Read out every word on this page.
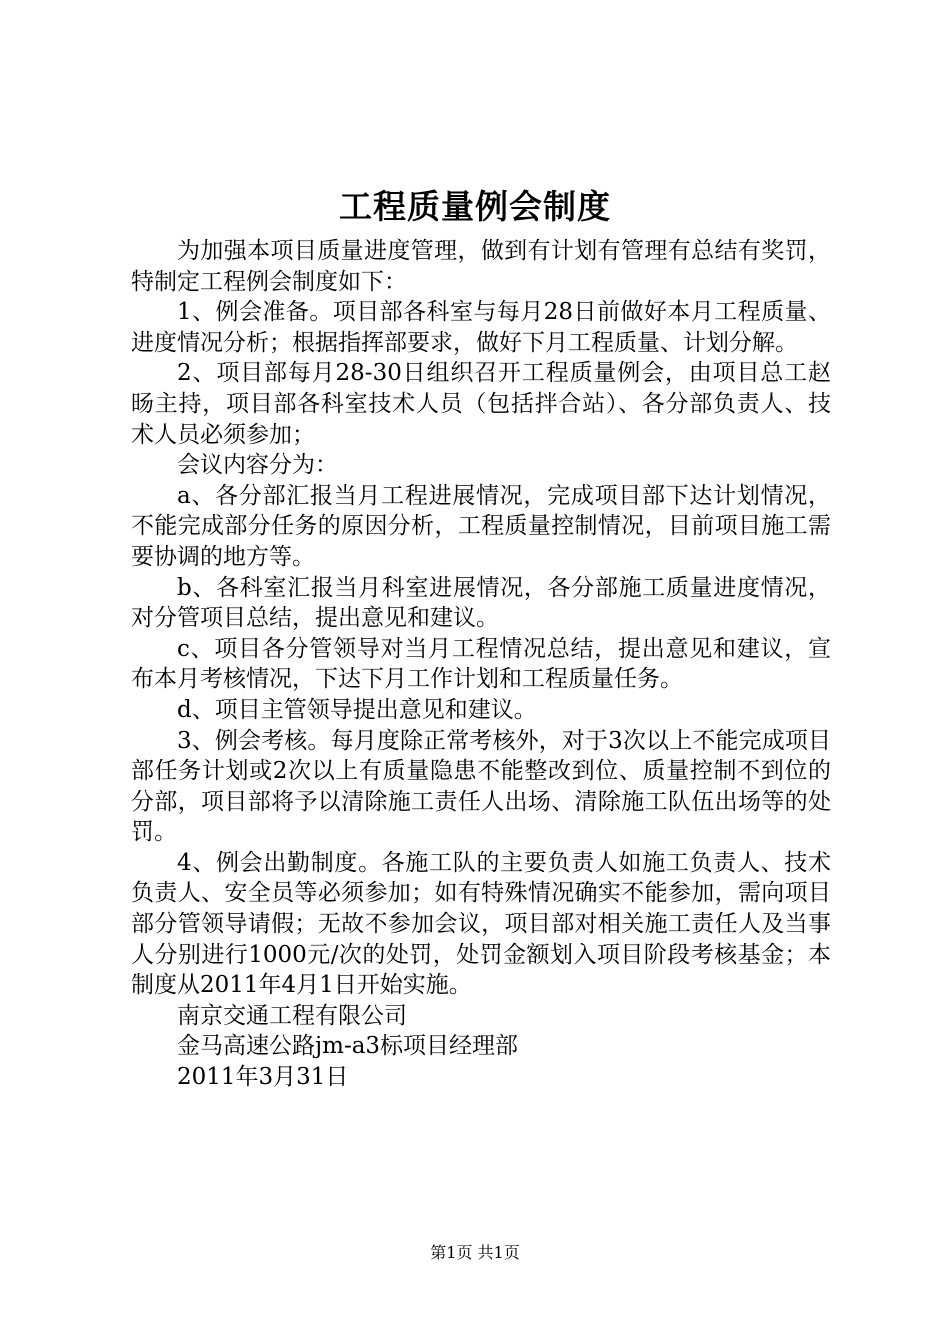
工程质量例会制度

为加强本项目质量进度管理，做到有计划有管理有总结有奖罚，特制定工程例会制度如下：

1、例会准备。项目部各科室与每月28日前做好本月工程质量、进度情况分析；根据指挥部要求，做好下月工程质量、计划分解。

2、项目部每月28-30日组织召开工程质量例会，由项目总工赵旸主持，项目部各科室技术人员（包括拌合站）、各分部负责人、技术人员必须参加；

会议内容分为：

a、各分部汇报当月工程进展情况，完成项目部下达计划情况，不能完成部分任务的原因分析，工程质量控制情况，目前项目施工需要协调的地方等。

b、各科室汇报当月科室进展情况，各分部施工质量进度情况，对分管项目总结，提出意见和建议。

c、项目各分管领导对当月工程情况总结，提出意见和建议，宣布本月考核情况，下达下月工作计划和工程质量任务。

d、项目主管领导提出意见和建议。

3、例会考核。每月度除正常考核外，对于3次以上不能完成项目部任务计划或2次以上有质量隐患不能整改到位、质量控制不到位的分部，项目部将予以清除施工责任人出场、清除施工队伍出场等的处罚。

4、例会出勤制度。各施工队的主要负责人如施工负责人、技术负责人、安全员等必须参加；如有特殊情况确实不能参加，需向项目部分管领导请假；无故不参加会议，项目部对相关施工责任人及当事人分别进行1000元/次的处罚，处罚金额划入项目阶段考核基金；本制度从2011年4月1日开始实施。

南京交通工程有限公司

金马高速公路jm-a3标项目经理部

2011年3月31日

第1页 共1页
